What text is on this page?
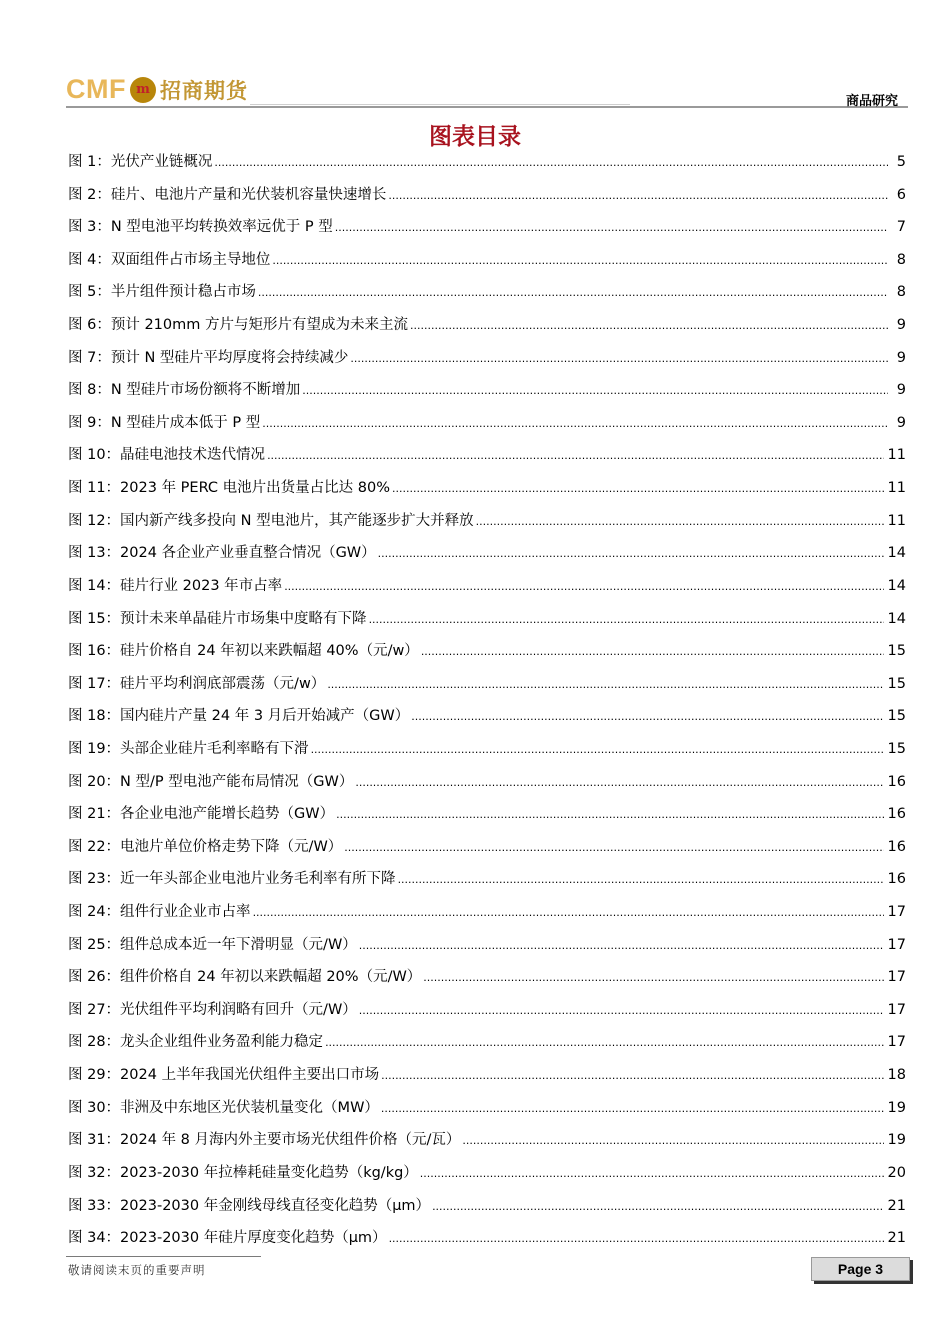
CMF m 招商期货	商品研究
图表目录
图 1：光伏产业链概况 .....	5
图 2：硅片、电池片产量和光伏装机容量快速增长 .....	6
图 3：N 型电池平均转换效率远优于 P 型 .....	7
图 4：双面组件占市场主导地位 .....	8
图 5：半片组件预计稳占市场 .....	8
图 6：预计 210mm 方片与矩形片有望成为未来主流 .....	9
图 7：预计 N 型硅片平均厚度将会持续减少 .....	9
图 8：N 型硅片市场份额将不断增加 .....	9
图 9：N 型硅片成本低于 P 型 .....	9
图 10：晶硅电池技术迭代情况 .....	11
图 11：2023 年 PERC 电池片出货量占比达 80% .....	11
图 12：国内新产线多投向 N 型电池片，其产能逐步扩大并释放 .....	11
图 13：2024 各企业产业垂直整合情况（GW） .....	14
图 14：硅片行业 2023 年市占率 .....	14
图 15：预计未来单晶硅片市场集中度略有下降 .....	14
图 16：硅片价格自 24 年初以来跌幅超 40%（元/w） .....	15
图 17：硅片平均利润底部震荡（元/w） .....	15
图 18：国内硅片产量 24 年 3 月后开始减产（GW） .....	15
图 19：头部企业硅片毛利率略有下滑 .....	15
图 20：N 型/P 型电池产能布局情况（GW） .....	16
图 21：各企业电池产能增长趋势（GW） .....	16
图 22：电池片单位价格走势下降（元/W） .....	16
图 23：近一年头部企业电池片业务毛利率有所下降 .....	16
图 24：组件行业企业市占率 .....	17
图 25：组件总成本近一年下滑明显（元/W） .....	17
图 26：组件价格自 24 年初以来跌幅超 20%（元/W） .....	17
图 27：光伏组件平均利润略有回升（元/W） .....	17
图 28：龙头企业组件业务盈利能力稳定 .....	17
图 29：2024 上半年我国光伏组件主要出口市场 .....	18
图 30：非洲及中东地区光伏装机量变化（MW） .....	19
图 31：2024 年 8 月海内外主要市场光伏组件价格（元/瓦） .....	19
图 32：2023-2030 年拉棒耗硅量变化趋势（kg/kg） .....	20
图 33：2023-2030 年金刚线母线直径变化趋势（μm） .....	21
图 34：2023-2030 年硅片厚度变化趋势（μm） .....	21
敬请阅读末页的重要声明	Page 3
